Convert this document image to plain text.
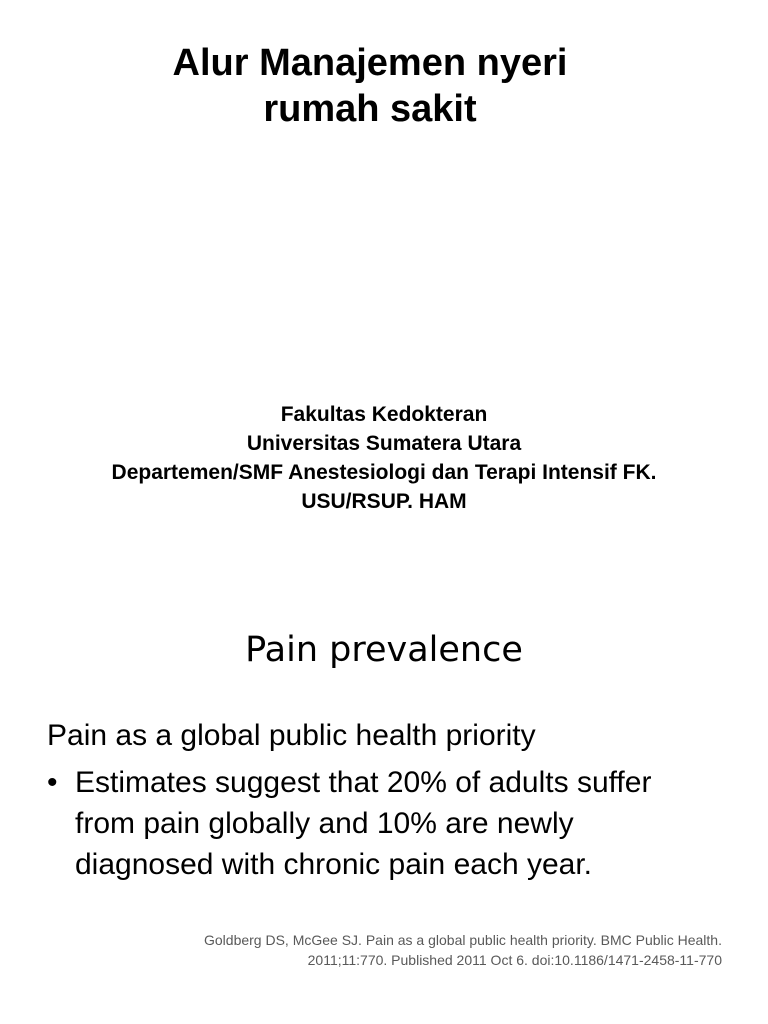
Alur Manajemen nyeri
rumah sakit
Fakultas Kedokteran
Universitas Sumatera Utara
Departemen/SMF Anestesiologi dan Terapi Intensif FK.
USU/RSUP. HAM
Pain prevalence
Pain as a global public health priority
• Estimates suggest that 20% of adults suffer from pain globally and 10% are newly diagnosed with chronic pain each year.
Goldberg DS, McGee SJ. Pain as a global public health priority. BMC Public Health.
2011;11:770. Published 2011 Oct 6. doi:10.1186/1471-2458-11-770
